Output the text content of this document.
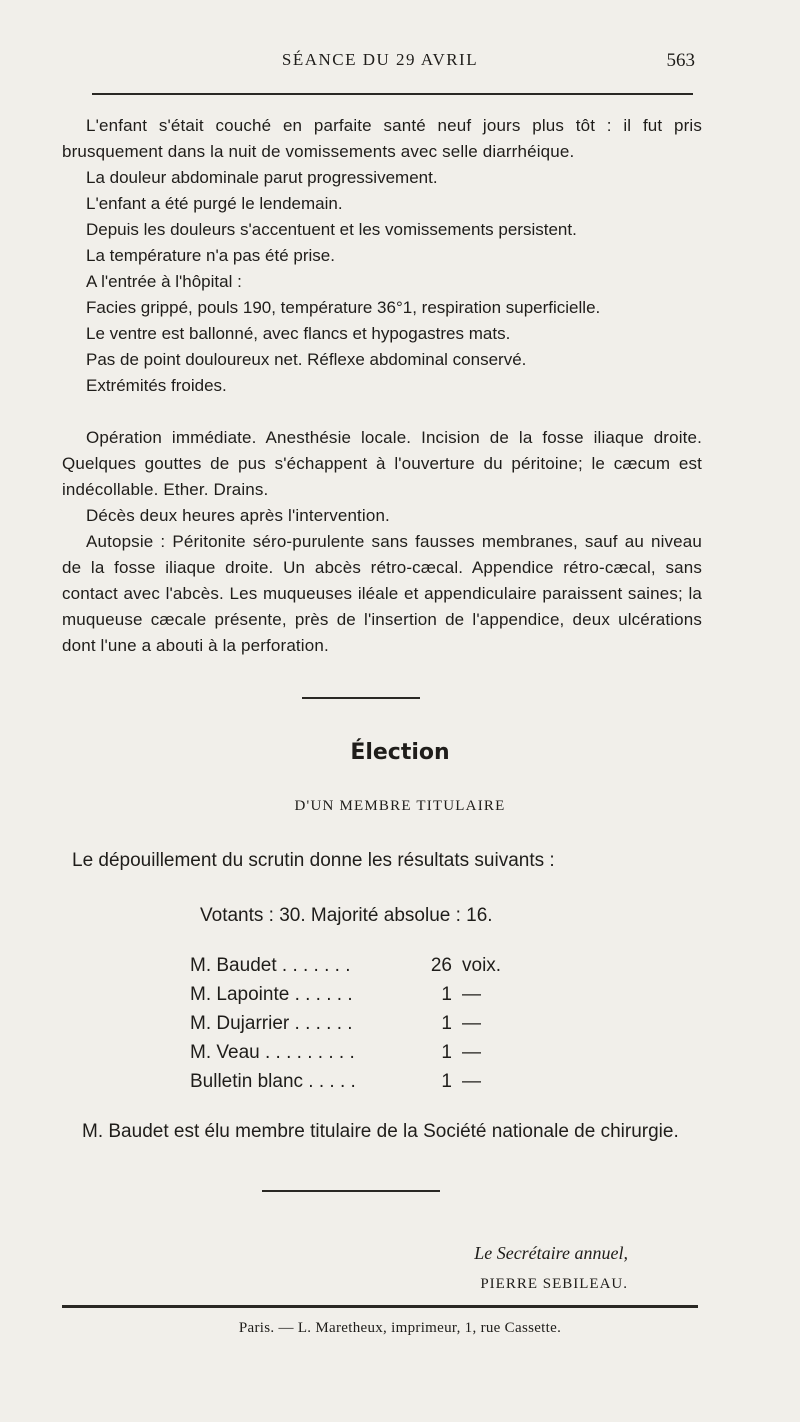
SÉANCE DU 29 AVRIL	563

L'enfant s'était couché en parfaite santé neuf jours plus tôt : il fut pris brusquement dans la nuit de vomissements avec selle diarrhéique.

La douleur abdominale parut progressivement.

L'enfant a été purgé le lendemain.

Depuis les douleurs s'accentuent et les vomissements persistent.

La température n'a pas été prise.

A l'entrée à l'hôpital :

Facies grippé, pouls 190, température 36°1, respiration superficielle.

Le ventre est ballonné, avec flancs et hypogastres mats.

Pas de point douloureux net. Réflexe abdominal conservé.

Extrémités froides.

Opération immédiate. Anesthésie locale. Incision de la fosse iliaque droite. Quelques gouttes de pus s'échappent à l'ouverture du péritoine; le cæcum est indécollable. Ether. Drains.

Décès deux heures après l'intervention.

Autopsie : Péritonite séro-purulente sans fausses membranes, sauf au niveau de la fosse iliaque droite. Un abcès rétro-cæcal. Appendice rétro-cæcal, sans contact avec l'abcès. Les muqueuses iléale et appendiculaire paraissent saines; la muqueuse cæcale présente, près de l'insertion de l'appendice, deux ulcérations dont l'une a abouti à la perforation.

Élection
D'UN MEMBRE TITULAIRE
Le dépouillement du scrutin donne les résultats suivants :
Votants : 30. Majorité absolue : 16.
M. Baudet . . . . . . .	26 voix.
M. Lapointe . . . . . .	1 —
M. Dujarrier . . . . . .	1 —
M. Veau . . . . . . . . .	1 —
Bulletin blanc . . . . .	1 —

M. Baudet est élu membre titulaire de la Société nationale de chirurgie.

Le Secrétaire annuel,
PIERRE SEBILEAU.
Paris. — L. Maretheux, imprimeur, 1, rue Cassette.
